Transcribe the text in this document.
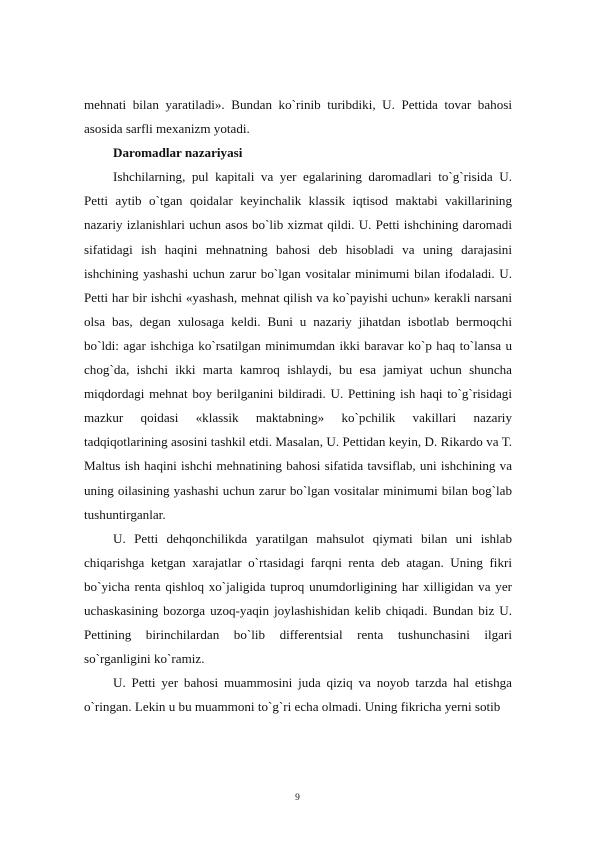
mehnati bilan yaratiladi». Bundan ko`rinib turibdiki, U. Pettida tovar bahosi asosida sarfli mexanizm yotadi.

Daromadlar nazariyasi

Ishchilarning, pul kapitali va yer egalarining daromadlari to`g`risida U. Petti aytib o`tgan qoidalar keyinchalik klassik iqtisod maktabi vakillarining nazariy izlanishlari uchun asos bo`lib xizmat qildi. U. Petti ishchining daromadi sifatidagi ish haqini mehnatning bahosi deb hisobladi va uning darajasini ishchining yashashi uchun zarur bo`lgan vositalar minimumi bilan ifodaladi. U. Petti har bir ishchi «yashash, mehnat qilish va ko`payishi uchun» kerakli narsani olsa bas, degan xulosaga keldi. Buni u nazariy jihatdan isbotlab bermoqchi bo`ldi: agar ishchiga ko`rsatilgan minimumdan ikki baravar ko`p haq to`lansa u chog`da, ishchi ikki marta kamroq ishlaydi, bu esa jamiyat uchun shuncha miqdordagi mehnat boy berilganini bildiradi. U. Pettining ish haqi to`g`risidagi mazkur qoidasi «klassik maktabning» ko`pchilik vakillari nazariy tadqiqotlarining asosini tashkil etdi. Masalan, U. Pettidan keyin, D. Rikardo va T. Maltus ish haqini ishchi mehnatining bahosi sifatida tavsiflab, uni ishchining va uning oilasining yashashi uchun zarur bo`lgan vositalar minimumi bilan bog`lab tushuntirganlar.

U. Petti dehqonchilikda yaratilgan mahsulot qiymati bilan uni ishlab chiqarishga ketgan xarajatlar o`rtasidagi farqni renta deb atagan. Uning fikri bo`yicha renta qishloq xo`jaligida tuproq unumdorligining har xilligidan va yer uchaskasining bozorga uzoq-yaqin joylashishidan kelib chiqadi. Bundan biz U. Pettining birinchilardan bo`lib differentsial renta tushunchasini ilgari so`rganligini ko`ramiz.

U. Petti yer bahosi muammosini juda qiziq va noyob tarzda hal etishga o`ringan. Lekin u bu muammoni to`g`ri echa olmadi. Uning fikricha yerni sotib

9
